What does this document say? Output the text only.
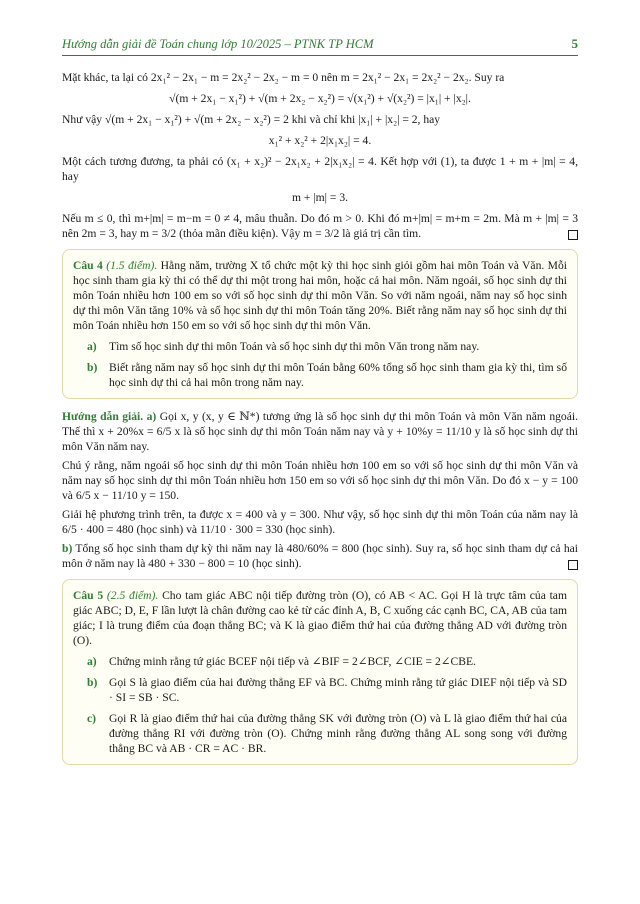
Hướng dẫn giải đề Toán chung lớp 10/2025 – PTNK TP HCM	5

Mặt khác, ta lại có 2x₁² − 2x₁ − m = 2x₂² − 2x₂ − m = 0 nên m = 2x₁² − 2x₁ = 2x₂² − 2x₂. Suy ra

√(m + 2x₁ − x₁²) + √(m + 2x₂ − x₂²) = √(x₁²) + √(x₂²) = |x₁| + |x₂|.

Như vậy √(m + 2x₁ − x₁²) + √(m + 2x₂ − x₂²) = 2 khi và chỉ khi |x₁| + |x₂| = 2, hay

x₁² + x₂² + 2|x₁x₂| = 4.

Một cách tương đương, ta phải có (x₁ + x₂)² − 2x₁x₂ + 2|x₁x₂| = 4. Kết hợp với (1), ta được 1 + m + |m| = 4, hay

m + |m| = 3.

Nếu m ≤ 0, thì m+|m| = m−m = 0 ≠ 4, mâu thuẫn. Do đó m > 0. Khi đó m+|m| = m+m = 2m. Mà m + |m| = 3 nên 2m = 3, hay m = 3/2 (thỏa mãn điều kiện). Vậy m = 3/2 là giá trị cần tìm.

Câu 4 (1.5 điểm). Hằng năm, trường X tổ chức một kỳ thi học sinh giỏi gồm hai môn Toán và Văn. Mỗi học sinh tham gia kỳ thi có thể dự thi một trong hai môn, hoặc cả hai môn. Năm ngoái, số học sinh dự thi môn Toán nhiều hơn 100 em so với số học sinh dự thi môn Văn. So với năm ngoái, năm nay số học sinh dự thi môn Văn tăng 10% và số học sinh dự thi môn Toán tăng 20%. Biết rằng năm nay số học sinh dự thi môn Toán nhiều hơn 150 em so với số học sinh dự thi môn Văn.

a)	Tìm số học sinh dự thi môn Toán và số học sinh dự thi môn Văn trong năm nay.
b)	Biết rằng năm nay số học sinh dự thi môn Toán bằng 60% tổng số học sinh tham gia kỳ thi, tìm số học sinh dự thi cả hai môn trong năm nay.

Hướng dẫn giải. a) Gọi x, y (x, y ∈ ℕ*) tương ứng là số học sinh dự thi môn Toán và môn Văn năm ngoái. Thế thì x + 20%x = 6/5 x là số học sinh dự thi môn Toán năm nay và y + 10%y = 11/10 y là số học sinh dự thi môn Văn năm nay.

Chú ý rằng, năm ngoái số học sinh dự thi môn Toán nhiều hơn 100 em so với số học sinh dự thi môn Văn và năm nay số học sinh dự thi môn Toán nhiều hơn 150 em so với số học sinh dự thi môn Văn. Do đó x − y = 100 và 6/5 x − 11/10 y = 150.

Giải hệ phương trình trên, ta được x = 400 và y = 300. Như vậy, số học sinh dự thi môn Toán của năm nay là 6/5 · 400 = 480 (học sinh) và 11/10 · 300 = 330 (học sinh).

b) Tổng số học sinh tham dự kỳ thi năm nay là 480/60% = 800 (học sinh). Suy ra, số học sinh tham dự cả hai môn ở năm nay là 480 + 330 − 800 = 10 (học sinh).

Câu 5 (2.5 điểm). Cho tam giác ABC nội tiếp đường tròn (O), có AB < AC. Gọi H là trực tâm của tam giác ABC; D, E, F lần lượt là chân đường cao kẻ từ các đỉnh A, B, C xuống các cạnh BC, CA, AB của tam giác; I là trung điểm của đoạn thẳng BC; và K là giao điểm thứ hai của đường thẳng AD với đường tròn (O).

a)	Chứng minh rằng tứ giác BCEF nội tiếp và ∠BIF = 2∠BCF, ∠CIE = 2∠CBE.
b)	Gọi S là giao điểm của hai đường thẳng EF và BC. Chứng minh rằng tứ giác DIEF nội tiếp và SD · SI = SB · SC.
c)	Gọi R là giao điểm thứ hai của đường thẳng SK với đường tròn (O) và L là giao điểm thứ hai của đường thẳng RI với đường tròn (O). Chứng minh rằng đường thẳng AL song song với đường thẳng BC và AB · CR = AC · BR.
